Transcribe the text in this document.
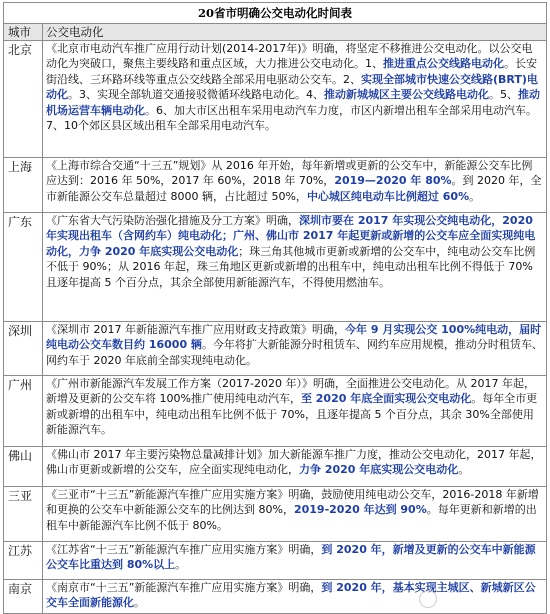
20省市明确公交电动化时间表
城市	公交电动化
北京	《北京市电动汽车推广应用行动计划(2014-2017年)》明确，将坚定不移推进公交电动化。以公交电动化为突破口，聚焦主要线路和重点区域，大力推进公交电动化。1、推进重点公交线路电动化。长安街沿线、三环路环线等重点公交线路全部采用电驱动公交车。2、实现全部城市快速公交线路(BRT)电动化。3、实现全部轨道交通接驳微循环线路电动化。4、推动新城城区主要公交线路电动化。5、推动机场运营车辆电动化。6、加大市区出租车采用电动汽车力度，市区内新增出租车全部采用电动汽车。7、10个郊区县区域出租车全部采用电动汽车。
上海	《上海市综合交通“十三五”规划》从 2016 年开始，每年新增或更新的公交车中，新能源公交车比例应达到：2016 年 50%，2017 年 60%，2018 年 70%，2019—2020 年 80%。到 2020 年，全市新能源公交车总量超过 8000 辆，占比超过 50%，中心城区纯电动车比例超过 60%。
广东	《广东省大气污染防治强化措施及分工方案》明确，深圳市要在 2017 年实现公交纯电动化，2020 年实现出租车（含网约车）纯电动化；广州、佛山市 2017 年起更新或新增的公交车应全面实现纯电动化，力争 2020 年底实现公交电动化；珠三角其他城市更新或新增的公交车中，纯电动公交车比例不低于 90%；从 2016 年起，珠三角地区更新或新增的出租车中，纯电动出租车比例不得低于 70%且逐年提高 5 个百分点，其余全部使用新能源汽车，不得使用燃油车。
深圳	《深圳市 2017 年新能源汽车推广应用财政支持政策》明确，今年 9 月实现公交 100%纯电动，届时纯电动公交车数目约 16000 辆。今年将扩大新能源分时租赁车、网约车应用规模，推动分时租赁车、网约车于 2020 年底前全部实现纯电动化。
广州	《广州市新能源汽车发展工作方案（2017-2020 年）》明确，全面推进公交电动化。从 2017 年起，新增及更新的公交车将 100%推广使用纯电动汽车，至 2020 年底全面实现公交电动化。每年全市更新或新增的出租车中，纯电动出租车比例不低于 70%，且逐年提高 5 个百分点，其余 30%全部使用新能源汽车。
佛山	《佛山市 2017 年主要污染物总量减排计划》加大新能源车推广力度，推动公交电动化，2017 年起，佛山市更新或新增的公交车，应全面实现纯电动化，力争 2020 年底实现公交电动化。
三亚	《三亚市“十三五”新能源汽车推广应用实施方案》明确，鼓励使用纯电动公交车，2016-2018 年新增和更换的公交车中新能源公交车的比例达到 80%，2019-2020 年达到 90%。每年更新和新增的出租车中新能源汽车比例不低于 80%。
江苏	《江苏省“十三五”新能源汽车推广应用实施方案》明确，到 2020 年，新增及更新的公交车中新能源公交车比重达到 80%以上。
南京	《南京市“十三五”新能源汽车推广应用实施方案》明确，到 2020 年，基本实现主城区、新城新区公交车全面新能源化。
